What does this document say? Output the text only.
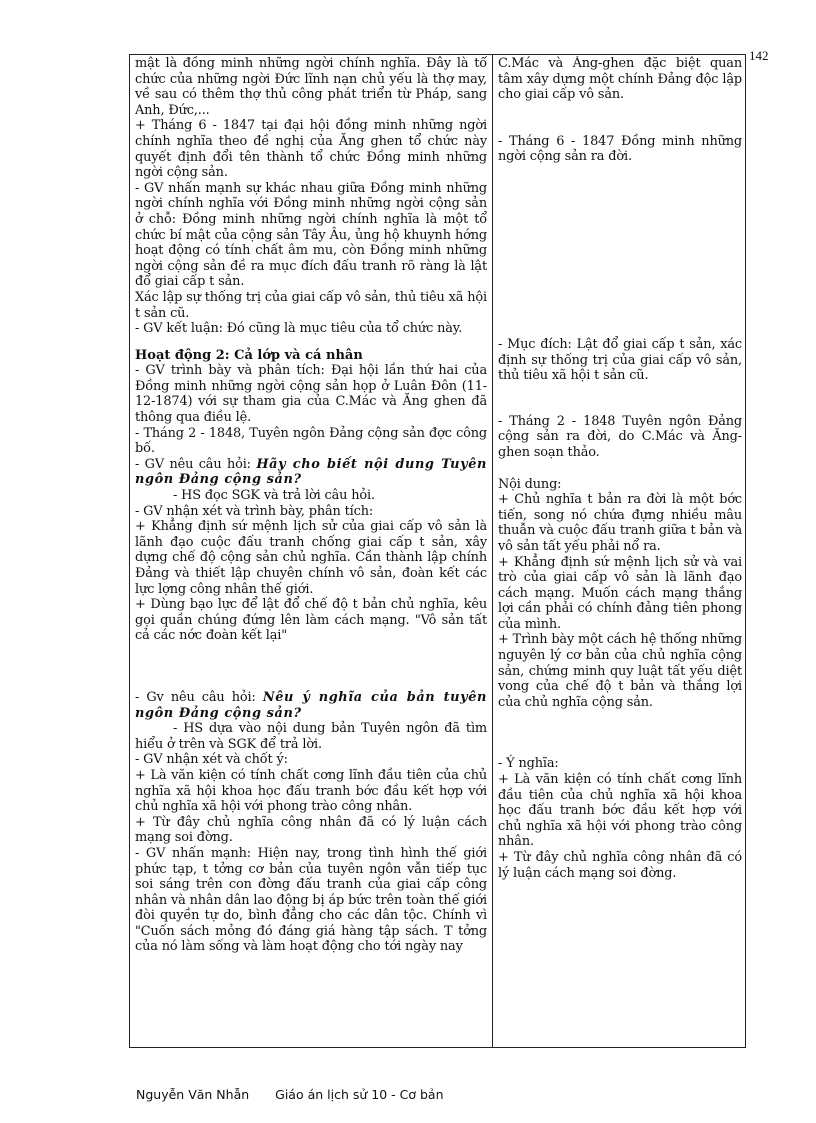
142

mật là đồng minh những ngời chính nghĩa. Đây là tổ chức của những ngời Đức lĩnh nạn chủ yếu là thợ may, về sau có thêm thợ thủ công phát triển từ Pháp, sang Anh, Đức,...

+ Tháng 6 - 1847 tại đại hội đồng minh những ngời chính nghĩa theo đề nghị của Ăng ghen tổ chức này quyết định đổi tên thành tổ chức Đồng minh những ngời cộng sản.

- GV nhấn mạnh sự khác nhau giữa Đồng minh những ngời chính nghĩa với Đồng minh những ngời cộng sản ở chỗ: Đồng minh những ngời chính nghĩa là một tổ chức bí mật của cộng sản Tây Âu, ủng hộ khuynh hớng hoạt động có tính chất âm mu, còn Đồng minh những ngời cộng sản đề ra mục đích đấu tranh rõ ràng là lật đổ giai cấp t sản.

Xác lập sự thống trị của giai cấp vô sản, thủ tiêu xã hội t sản cũ.

- GV kết luận: Đó cũng là mục tiêu của tổ chức này.

Hoạt động 2: Cả lớp và cá nhân

- GV trình bày và phân tích: Đại hội lần thứ hai của Đồng minh những ngời cộng sản họp ở Luân Đôn (11-12-1874) với sự tham gia của C.Mác và Ăng ghen đã thông qua điều lệ.

- Tháng 2 - 1848, Tuyên ngôn Đảng cộng sản đợc công bố.

- GV nêu câu hỏi: Hãy cho biết nội dung Tuyên ngôn Đảng cộng sản?

- HS đọc SGK và trả lời câu hỏi.

- GV nhận xét và trình bày, phân tích:

+ Khẳng định sứ mệnh lịch sử của giai cấp vô sản là lãnh đạo cuộc đấu tranh chống giai cấp t sản, xây dựng chế độ cộng sản chủ nghĩa. Cần thành lập chính Đảng và thiết lập chuyên chính vô sản, đoàn kết các lực lợng công nhân thế giới.

+ Dùng bạo lực để lật đổ chế độ t bản chủ nghĩa, kêu gọi quần chúng đứng lên làm cách mạng. "Vô sản tất cả các nớc đoàn kết lại"

- Gv nêu câu hỏi: Nêu ý nghĩa của bản tuyên ngôn Đảng cộng sản?

- HS dựa vào nội dung bản Tuyên ngôn đã tìm hiểu ở trên và SGK để trả lời.

- GV nhận xét và chốt ý:

+ Là văn kiện có tính chất cơng lĩnh đầu tiên của chủ nghĩa xã hội khoa học đấu tranh bớc đầu kết hợp với chủ nghĩa xã hội với phong trào công nhân.

+ Từ đây chủ nghĩa công nhân đã có lý luận cách mạng soi đờng.

- GV nhấn mạnh: Hiện nay, trong tình hình thế giới phức tạp, t tởng cơ bản của tuyên ngôn vẫn tiếp tục soi sáng trên con đờng đấu tranh của giai cấp công nhân và nhân dân lao động bị áp bức trên toàn thế giới đòi quyền tự do, bình đẳng cho các dân tộc. Chính vì "Cuốn sách mỏng đó đáng giá hàng tập sách. T tởng của nó làm sống và làm hoạt động cho tới ngày nay

C.Mác và Ăng-ghen đặc biệt quan tâm xây dựng một chính Đảng độc lập cho giai cấp vô sản.

- Tháng 6 - 1847 Đồng minh những ngời cộng sản ra đời.

- Mục đích: Lật đổ giai cấp t sản, xác định sự thống trị của giai cấp vô sản, thủ tiêu xã hội t sản cũ.

- Tháng 2 - 1848 Tuyên ngôn Đảng cộng sản ra đời, do C.Mác và Ăng-ghen soạn thảo.

Nội dung:

+ Chủ nghĩa t bản ra đời là một bớc tiến, song nó chứa đựng nhiều mâu thuẫn và cuộc đấu tranh giữa t bản và vô sản tất yếu phải nổ ra.

+ Khẳng định sứ mệnh lịch sử và vai trò của giai cấp vô sản là lãnh đạo cách mạng. Muốn cách mạng thắng lợi cần phải có chính đảng tiên phong của mình.

+ Trình bày một cách hệ thống những nguyên lý cơ bản của chủ nghĩa cộng sản, chứng minh quy luật tất yếu diệt vong của chế độ t bản và thắng lợi của chủ nghĩa cộng sản.

- Ý nghĩa:

+ Là văn kiện có tính chất cơng lĩnh đầu tiên của chủ nghĩa xã hội khoa học đấu tranh bớc đầu kết hợp với chủ nghĩa xã hội với phong trào công nhân.

+ Từ đây chủ nghĩa công nhân đã có lý luận cách mạng soi đờng.

Nguyễn Văn Nhẫn Giáo án lịch sử 10 - Cơ bản
